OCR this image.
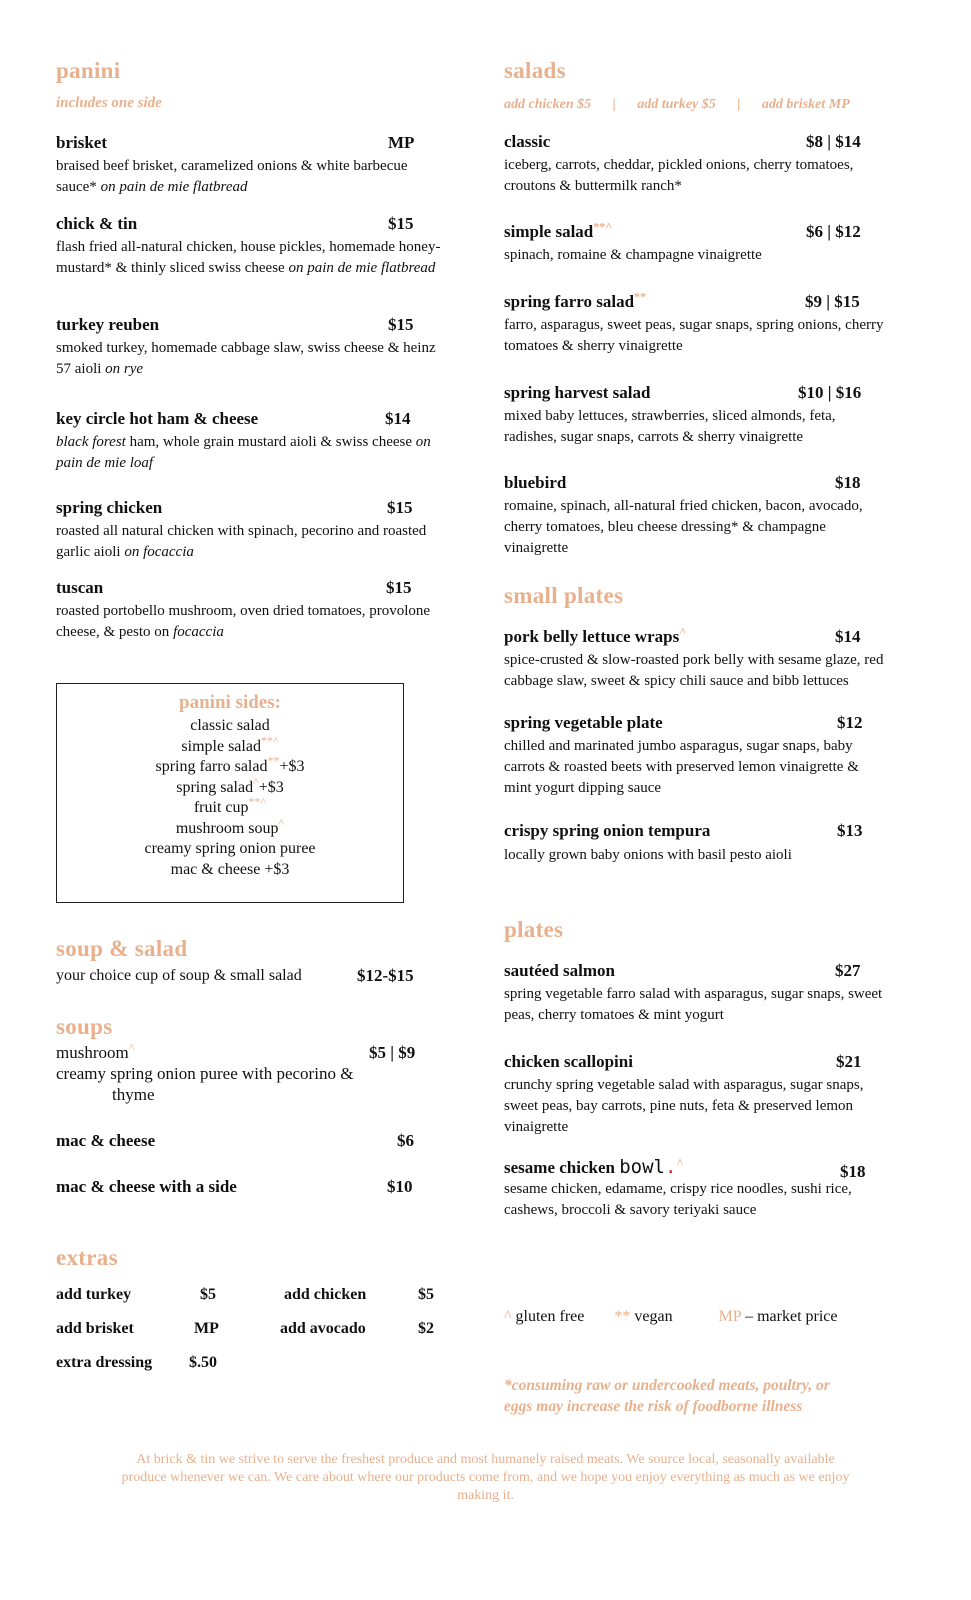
panini
includes one side
brisket	MP
braised beef brisket, caramelized onions & white barbecue sauce* on pain de mie flatbread
chick & tin	$15
flash fried all-natural chicken, house pickles, homemade honey-mustard* & thinly sliced swiss cheese on pain de mie flatbread
turkey reuben	$15
smoked turkey, homemade cabbage slaw, swiss cheese & heinz 57 aioli on rye
key circle hot ham & cheese	$14
black forest ham, whole grain mustard aioli & swiss cheese on pain de mie loaf
spring chicken	$15
roasted all natural chicken with spinach, pecorino and roasted garlic aioli on focaccia
tuscan	$15
roasted portobello mushroom, oven dried tomatoes, provolone cheese, & pesto on focaccia
panini sides:
classic salad
simple salad**^
spring farro salad**+$3
spring salad^+$3
fruit cup**^
mushroom soup^
creamy spring onion puree
mac & cheese +$3
soup & salad
your choice cup of soup & small salad	$12-$15
soups
mushroom^	$5 | $9
creamy spring onion puree with pecorino &
thyme
mac & cheese	$6
mac & cheese with a side	$10
extras
add turkey	$5	add chicken	$5
add brisket	MP	add avocado	$2
extra dressing $.50
salads
add chicken $5 | add turkey $5 | add brisket MP
classic	$8 | $14
iceberg, carrots, cheddar, pickled onions, cherry tomatoes, croutons & buttermilk ranch*
simple salad**^	$6 | $12
spinach, romaine & champagne vinaigrette
spring farro salad**	$9 | $15
farro, asparagus, sweet peas, sugar snaps, spring onions, cherry tomatoes & sherry vinaigrette
spring harvest salad	$10 | $16
mixed baby lettuces, strawberries, sliced almonds, feta, radishes, sugar snaps, carrots & sherry vinaigrette
bluebird	$18
romaine, spinach, all-natural fried chicken, bacon, avocado, cherry tomatoes, bleu cheese dressing* & champagne vinaigrette
small plates
pork belly lettuce wraps^	$14
spice-crusted & slow-roasted pork belly with sesame glaze, red cabbage slaw, sweet & spicy chili sauce and bibb lettuces
spring vegetable plate	$12
chilled and marinated jumbo asparagus, sugar snaps, baby carrots & roasted beets with preserved lemon vinaigrette & mint yogurt dipping sauce
crispy spring onion tempura	$13
locally grown baby onions with basil pesto aioli
plates
sautéed salmon	$27
spring vegetable farro salad with asparagus, sugar snaps, sweet peas, cherry tomatoes & mint yogurt
chicken scallopini	$21
crunchy spring vegetable salad with asparagus, sugar snaps, sweet peas, bay carrots, pine nuts, feta & preserved lemon vinaigrette
sesame chicken bowl.^	$18
sesame chicken, edamame, crispy rice noodles, sushi rice, cashews, broccoli & savory teriyaki sauce
^ gluten free ** vegan	MP – market price
*consuming raw or undercooked meats, poultry, or
eggs may increase the risk of foodborne illness
At brick & tin we strive to serve the freshest produce and most humanely raised meats. We source local, seasonally available
produce whenever we can. We care about where our products come from, and we hope you enjoy everything as much as we enjoy
making it.
